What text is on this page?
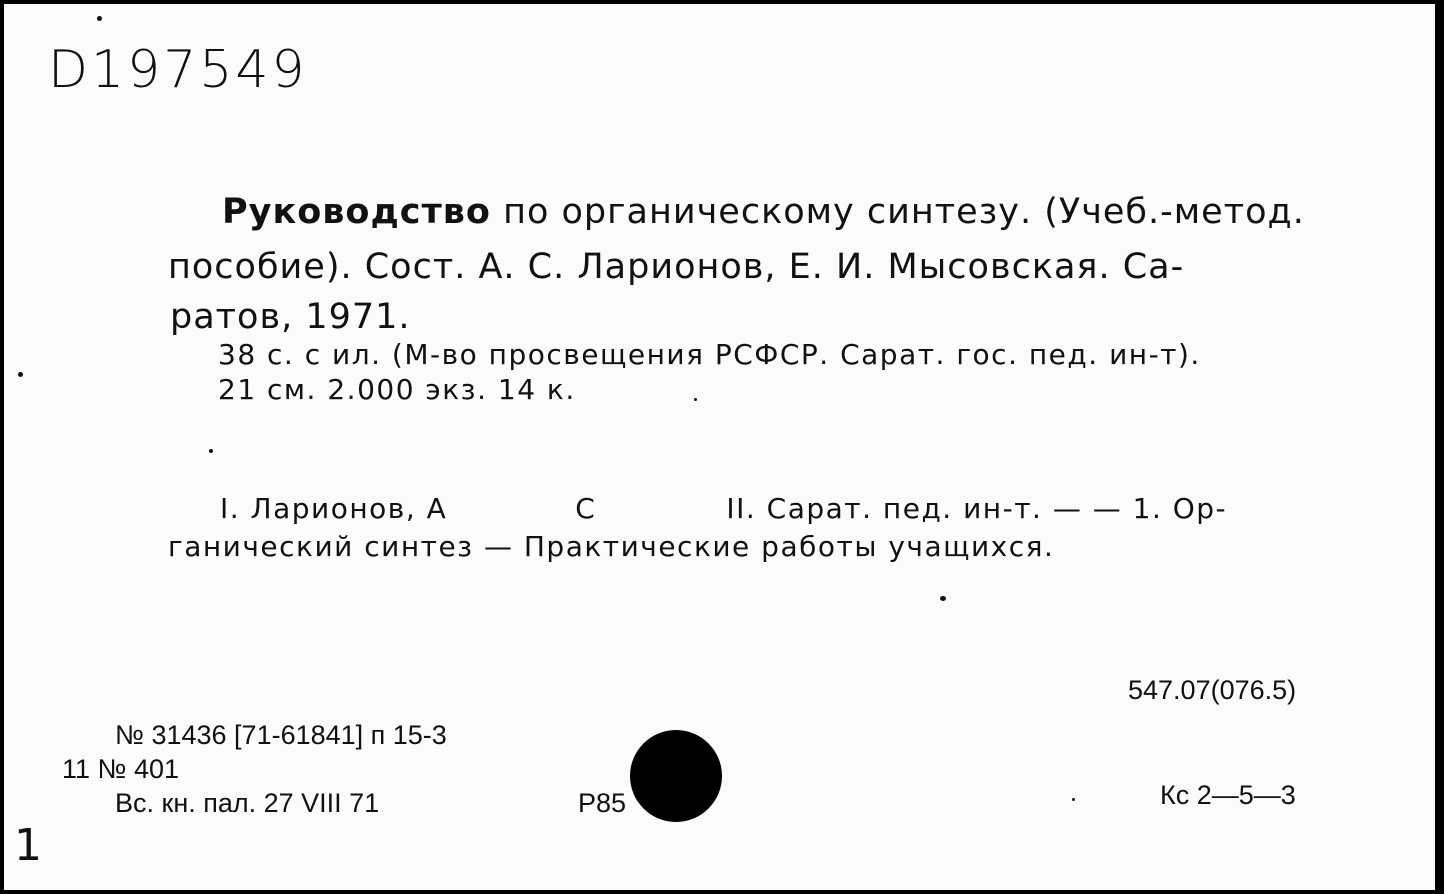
D197549
Руководство по органическому синтезу. (Учеб.-метод.
пособие). Сост. А. С. Ларионов, Е. И. Мысовская. Са-
ратов, 1971.
38 с. с ил. (М-во просвещения РСФСР. Сарат. гос. пед. ин-т).
21 см. 2.000 экз. 14 к.
I. Ларионов, А	С	II. Сарат. пед. ин-т. — — 1. Ор-
ганический синтез — Практические работы учащихся.
547.07(076.5)
№ 31436 [71-61841] п 15-3
11 № 401
Вс. кн. пал. 27 VIII 71	Р85	Кс 2—5—3
1
